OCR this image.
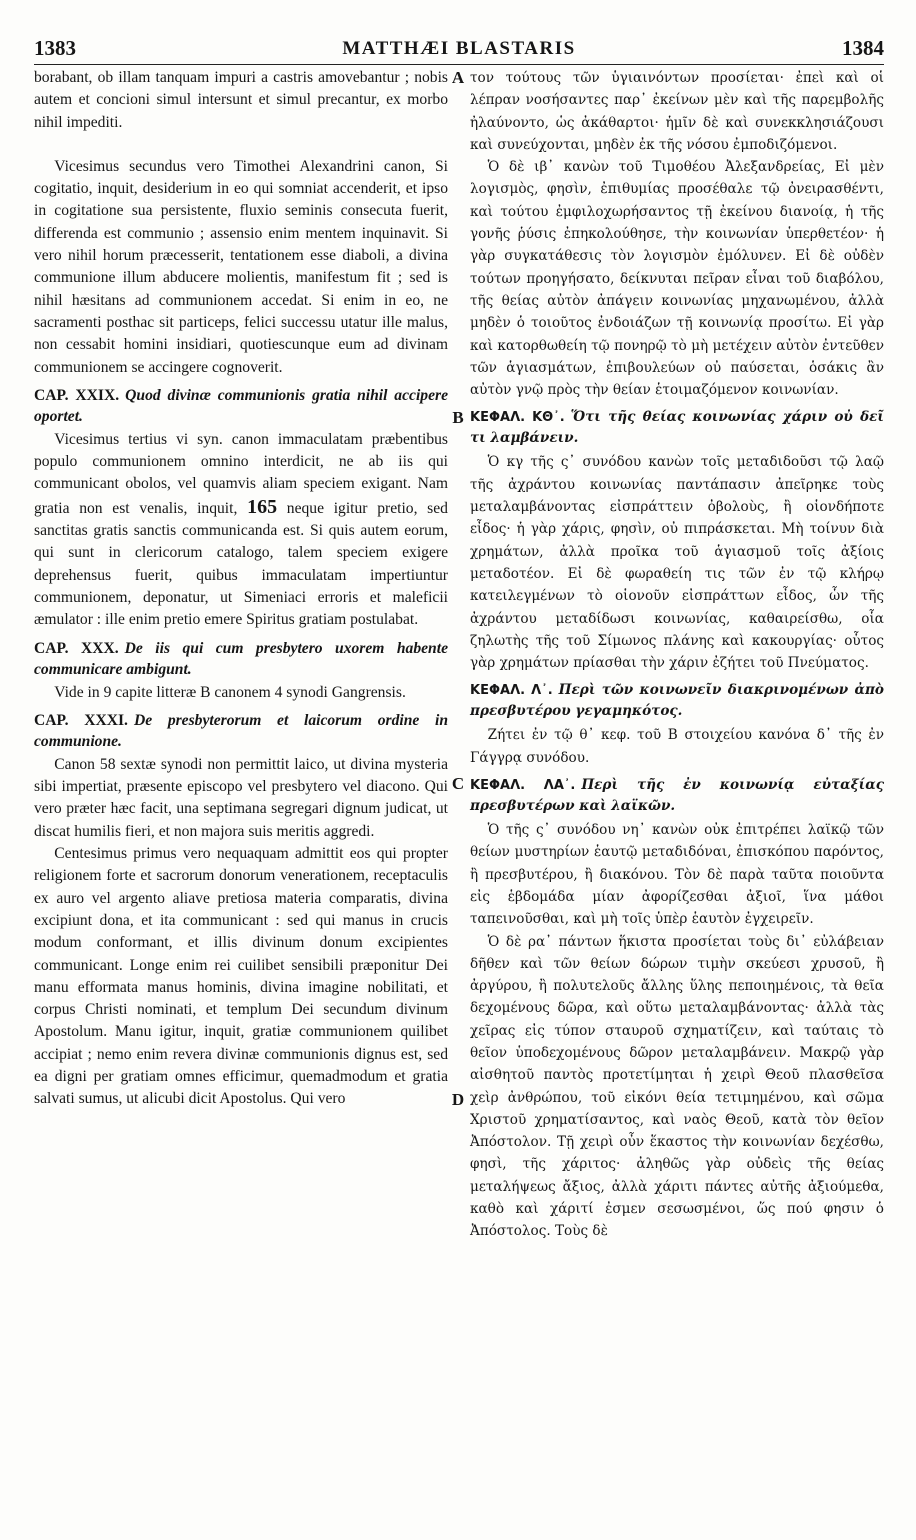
1383	MATTHÆI BLASTARIS	1384

borabant, ob illam tanquam impuri a castris amovebantur ; nobis autem et concioni simul intersunt et simul precantur, ex morbo nihil impediti.

Vicesimus secundus vero Timothei Alexandrini canon, Si cogitatio, inquit, desiderium in eo qui somniat accenderit, et ipso in cogitatione sua persistente, fluxio seminis consecuta fuerit, differenda est communio ; assensio enim mentem inquinavit. Si vero nihil horum præcesserit, tentationem esse diaboli, a divina communione illum abducere molientis, manifestum fit ; sed is nihil hæsitans ad communionem accedat. Si enim in eo, ne sacramenti posthac sit particeps, felici successu utatur ille malus, non cessabit homini insidiari, quotiescunque eum ad divinam communionem se accingere cognoverit.

CAP. XXIX. Quod divinæ communionis gratia nihil accipere oportet.

Vicesimus tertius vi syn. canon immaculatam præbentibus populo communionem omnino interdicit, ne ab iis qui communicant obolos, vel quamvis aliam speciem exigant. Nam gratia non est venalis, inquit, 165 neque igitur pretio, sed sanctitas gratis sanctis communicanda est. Si quis autem eorum, qui sunt in clericorum catalogo, talem speciem exigere deprehensus fuerit, quibus immaculatam impertiuntur communionem, deponatur, ut Simeniaci erroris et maleficii æmulator : ille enim pretio emere Spiritus gratiam postulabat.

CAP. XXX. De iis qui cum presbytero uxorem habente communicare ambigunt.

Vide in 9 capite litteræ B canonem 4 synodi Gangrensis.

CAP. XXXI. De presbyterorum et laicorum ordine in communione.

Canon 58 sextæ synodi non permittit laico, ut divina mysteria sibi impertiat, præsente episcopo vel presbytero vel diacono. Qui vero præter hæc facit, una septimana segregari dignum judicat, ut discat humilis fieri, et non majora suis meritis aggredi.

Centesimus primus vero nequaquam admittit eos qui propter religionem forte et sacrorum donorum venerationem, receptaculis ex auro vel argento aliave pretiosa materia comparatis, divina excipiunt dona, et ita communicant : sed qui manus in crucis modum conformant, et illis divinum donum excipientes communicant. Longe enim rei cuilibet sensibili præponitur Dei manu efformata manus hominis, divina imagine nobilitati, et corpus Christi nominati, et templum Dei secundum divinum Apostolum. Manu igitur, inquit, gratiæ communionem quilibet accipiat ; nemo enim revera divinæ communionis dignus est, sed ea digni per gratiam omnes efficimur, quemadmodum et gratia salvati sumus, ut alicubi dicit Apostolus. Qui vero

τον τούτους τῶν ὑγιαινόντων προσίεται· ἐπεὶ καὶ οἱ λέπραν νοσήσαντες παρ᾽ ἐκείνων μὲν καὶ τῆς παρεμβολῆς ἠλαύνοντο, ὡς ἀκάθαρτοι· ἡμῖν δὲ καὶ συνεκκλησιάζουσι καὶ συνεύχονται, μηδὲν ἐκ τῆς νόσου ἐμποδιζόμενοι.

Ὁ δὲ ιβ᾽ κανὼν τοῦ Τιμοθέου Ἀλεξανδρείας, Εἰ μὲν λογισμὸς, φησὶν, ἐπιθυμίας προσέθαλε τῷ ὀνειρασθέντι, καὶ τούτου ἐμφιλοχωρήσαντος τῇ ἐκείνου διανοίᾳ, ἡ τῆς γονῆς ῥύσις ἐπηκολούθησε, τὴν κοινωνίαν ὑπερθετέον· ἡ γὰρ συγκατάθεσις τὸν λογισμὸν ἐμόλυνεν. Εἰ δὲ οὐδὲν τούτων προηγήσατο, δείκνυται πεῖραν εἶναι τοῦ διαβόλου, τῆς θείας αὐτὸν ἀπάγειν κοινωνίας μηχανωμένου, ἀλλὰ μηδὲν ὁ τοιοῦτος ἐνδοιάζων τῇ κοινωνίᾳ προσίτω. Εἰ γὰρ καὶ κατορθωθείη τῷ πονηρῷ τὸ μὴ μετέχειν αὐτὸν ἐντεῦθεν τῶν ἁγιασμάτων, ἐπιβουλεύων οὐ παύσεται, ὁσάκις ἂν αὐτὸν γνῷ πρὸς τὴν θείαν ἑτοιμαζόμενον κοινωνίαν.

ΚΕΦΑΛ. ΚΘ᾽. Ὅτι τῆς θείας κοινωνίας χάριν οὐ δεῖ τι λαμβάνειν.

Ὁ κγ τῆς ς᾽ συνόδου κανὼν τοῖς μεταδιδοῦσι τῷ λαῷ τῆς ἀχράντου κοινωνίας παντάπασιν ἀπεῖρηκε τοὺς μεταλαμβάνοντας εἰσπράττειν ὀβολοὺς, ἢ οἱονδήποτε εἶδος· ἡ γὰρ χάρις, φησὶν, οὐ πιπράσκεται. Μὴ τοίνυν διὰ χρημάτων, ἀλλὰ προῖκα τοῦ ἁγιασμοῦ τοῖς ἀξίοις μεταδοτέον. Εἰ δὲ φωραθείη τις τῶν ἐν τῷ κλήρῳ κατειλεγμένων τὸ οἱονοῦν εἰσπράττων εἶδος, ὧν τῆς ἀχράντου μεταδίδωσι κοινωνίας, καθαιρείσθω, οἷα ζηλωτὴς τῆς τοῦ Σίμωνος πλάνης καὶ κακουργίας· οὗτος γὰρ χρημάτων πρίασθαι τὴν χάριν ἐζήτει τοῦ Πνεύματος.

ΚΕΦΑΛ. Λ᾽. Περὶ τῶν κοινωνεῖν διακρινομένων ἀπὸ πρεσβυτέρου γεγαμηκότος.

Ζήτει ἐν τῷ θ᾽ κεφ. τοῦ Β στοιχείου κανόνα δ᾽ τῆς ἐν Γάγγρᾳ συνόδου.

ΚΕΦΑΛ. ΛΑ᾽. Περὶ τῆς ἐν κοινωνίᾳ εὐταξίας πρεσβυτέρων καὶ λαϊκῶν.

Ὁ τῆς ς᾽ συνόδου νη᾽ κανὼν οὐκ ἐπιτρέπει λαϊκῷ τῶν θείων μυστηρίων ἑαυτῷ μεταδιδόναι, ἐπισκόπου παρόντος, ἢ πρεσβυτέρου, ἢ διακόνου. Τὸν δὲ παρὰ ταῦτα ποιοῦντα εἰς ἑβδομάδα μίαν ἀφορίζεσθαι ἀξιοῖ, ἵνα μάθοι ταπεινοῦσθαι, καὶ μὴ τοῖς ὑπὲρ ἑαυτὸν ἐγχειρεῖν.

Ὁ δὲ ρα᾽ πάντων ἥκιστα προσίεται τοὺς δι᾽ εὐλάβειαν δῆθεν καὶ τῶν θείων δώρων τιμὴν σκεύεσι χρυσοῦ, ἢ ἀργύρου, ἢ πολυτελοῦς ἄλλης ὕλης πεποιημένοις, τὰ θεῖα δεχομένους δῶρα, καὶ οὕτω μεταλαμβάνοντας· ἀλλὰ τὰς χεῖρας εἰς τύπον σταυροῦ σχηματίζειν, καὶ ταύταις τὸ θεῖον ὑποδεχομένους δῶρον μεταλαμβάνειν. Μακρῷ γὰρ αἰσθητοῦ παντὸς προτετίμηται ἡ χειρὶ Θεοῦ πλασθεῖσα χεὶρ ἀνθρώπου, τοῦ εἰκόνι θεία τετιμημένου, καὶ σῶμα Χριστοῦ χρηματίσαντος, καὶ ναὸς Θεοῦ, κατὰ τὸν θεῖον Ἀπόστολον. Τῇ χειρὶ οὖν ἕκαστος τὴν κοινωνίαν δεχέσθω, φησὶ, τῆς χάριτος· ἀληθῶς γὰρ οὐδεὶς τῆς θείας μεταλήψεως ἄξιος, ἀλλὰ χάριτι πάντες αὐτῆς ἀξιούμεθα, καθὸ καὶ χάριτί ἐσμεν σεσωσμένοι, ὥς πού φησιν ὁ Ἀπόστολος. Τοὺς δὲ

A
B
C
D
